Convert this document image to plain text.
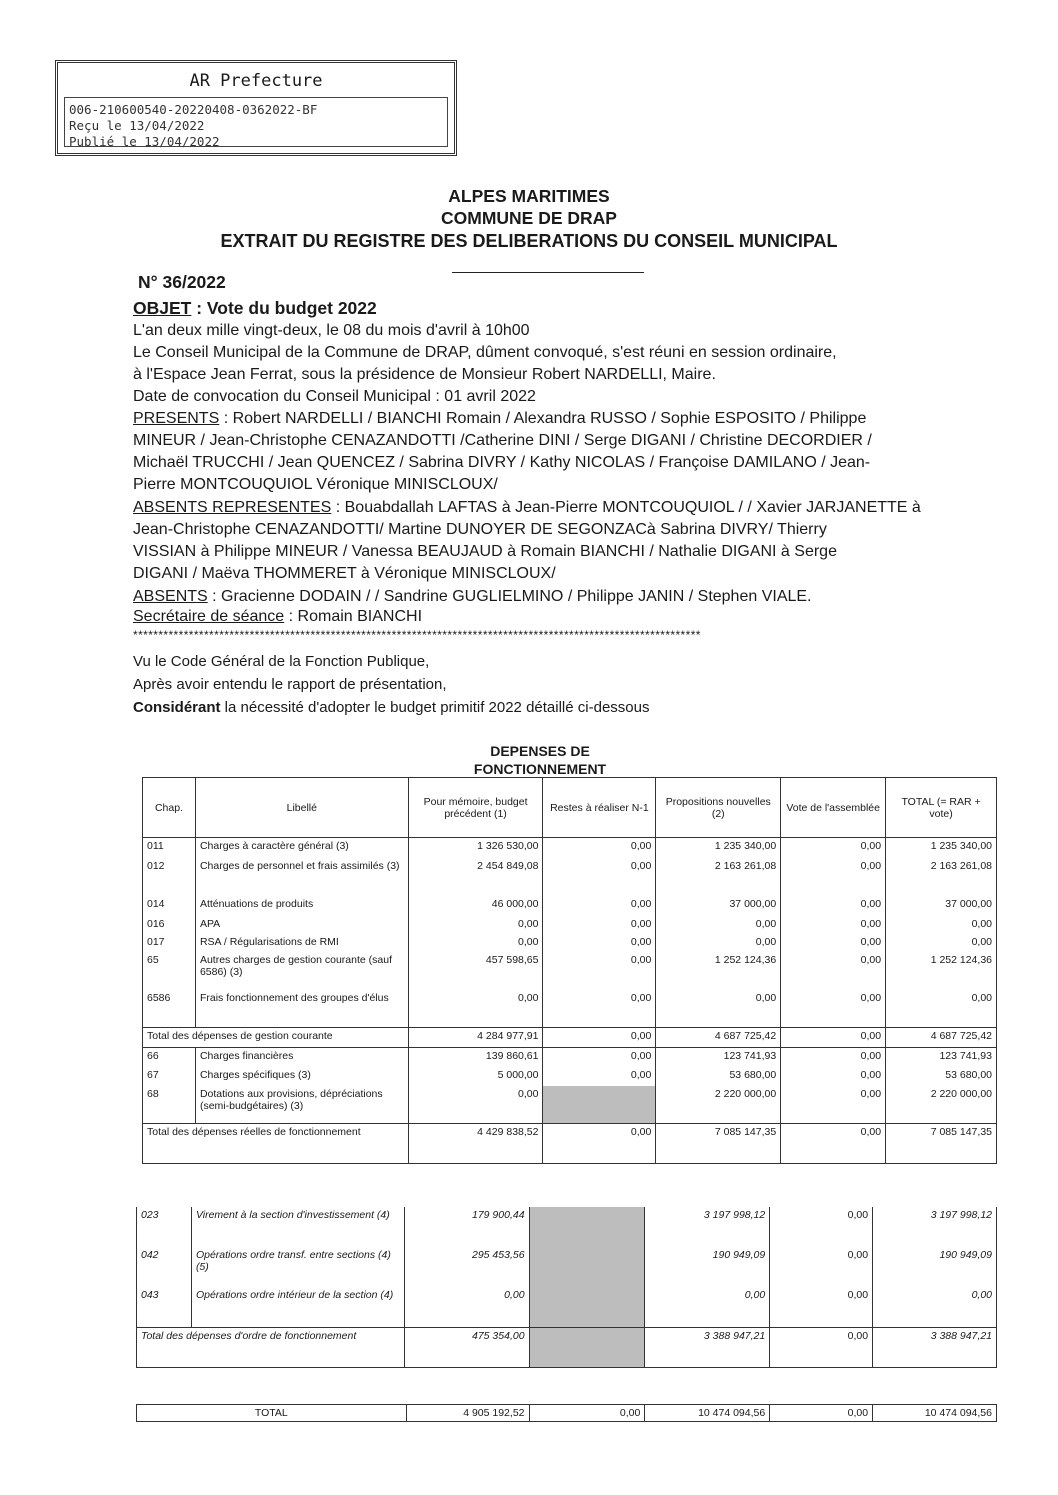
AR Prefecture
006-210600540-20220408-0362022-BF
Reçu le 13/04/2022
Publié le 13/04/2022
ALPES MARITIMES
COMMUNE DE DRAP
EXTRAIT DU REGISTRE DES DELIBERATIONS DU CONSEIL MUNICIPAL
N° 36/2022
OBJET : Vote du budget 2022
L'an deux mille vingt-deux, le 08 du mois d'avril à 10h00
Le Conseil Municipal de la Commune de DRAP, dûment convoqué, s'est réuni en session ordinaire,
à l'Espace Jean Ferrat, sous la présidence de Monsieur Robert NARDELLI, Maire.
Date de convocation du Conseil Municipal : 01 avril 2022
PRESENTS : Robert NARDELLI / BIANCHI Romain / Alexandra RUSSO / Sophie ESPOSITO / Philippe
MINEUR / Jean-Christophe CENAZANDOTTI /Catherine DINI / Serge DIGANI / Christine DECORDIER /
Michaël TRUCCHI / Jean QUENCEZ / Sabrina DIVRY / Kathy NICOLAS / Françoise DAMILANO / Jean-
Pierre MONTCOUQUIOL Véronique MINISCLOUX/
ABSENTS REPRESENTES : Bouabdallah LAFTAS à Jean-Pierre MONTCOUQUIOL / / Xavier JARJANETTE à
Jean-Christophe CENAZANDOTTI/ Martine DUNOYER DE SEGONZACà Sabrina DIVRY/ Thierry
VISSIAN à Philippe MINEUR / Vanessa BEAUJAUD à Romain BIANCHI / Nathalie DIGANI à Serge
DIGANI / Maëva THOMMERET à Véronique MINISCLOUX/
ABSENTS : Gracienne DODAIN / / Sandrine GUGLIELMINO / Philippe JANIN / Stephen VIALE.
Secrétaire de séance : Romain BIANCHI
****************************************************************************************************************
Vu le Code Général de la Fonction Publique,
Après avoir entendu le rapport de présentation,
Considérant la nécessité d'adopter le budget primitif 2022 détaillé ci-dessous
DEPENSES DE
FONCTIONNEMENT
Chap.	Libellé	Pour mémoire, budget précédent (1)	Restes à réaliser N-1	Propositions nouvelles (2)	Vote de l'assemblée	TOTAL (= RAR + vote)
011	Charges à caractère général (3)	1 326 530,00	0,00	1 235 340,00	0,00	1 235 340,00
012	Charges de personnel et frais assimilés (3)	2 454 849,08	0,00	2 163 261,08	0,00	2 163 261,08
014	Atténuations de produits	46 000,00	0,00	37 000,00	0,00	37 000,00
016	APA	0,00	0,00	0,00	0,00	0,00
017	RSA / Régularisations de RMI	0,00	0,00	0,00	0,00	0,00
65	Autres charges de gestion courante (sauf 6586) (3)	457 598,65	0,00	1 252 124,36	0,00	1 252 124,36
6586	Frais fonctionnement des groupes d'élus	0,00	0,00	0,00	0,00	0,00
Total des dépenses de gestion courante		4 284 977,91	0,00	4 687 725,42	0,00	4 687 725,42
66	Charges financières	139 860,61	0,00	123 741,93	0,00	123 741,93
67	Charges spécifiques (3)	5 000,00	0,00	53 680,00	0,00	53 680,00
68	Dotations aux provisions, dépréciations (semi-budgétaires) (3)	0,00		2 220 000,00	0,00	2 220 000,00
Total des dépenses réelles de fonctionnement		4 429 838,52	0,00	7 085 147,35	0,00	7 085 147,35
023	Virement à la section d'investissement (4)	179 900,44		3 197 998,12	0,00	3 197 998,12
042	Opérations ordre transf. entre sections (4) (5)	295 453,56		190 949,09	0,00	190 949,09
043	Opérations ordre intérieur de la section (4)	0,00		0,00	0,00	0,00
Total des dépenses d'ordre de fonctionnement		475 354,00		3 388 947,21	0,00	3 388 947,21
TOTAL	4 905 192,52	0,00	10 474 094,56	0,00	10 474 094,56
